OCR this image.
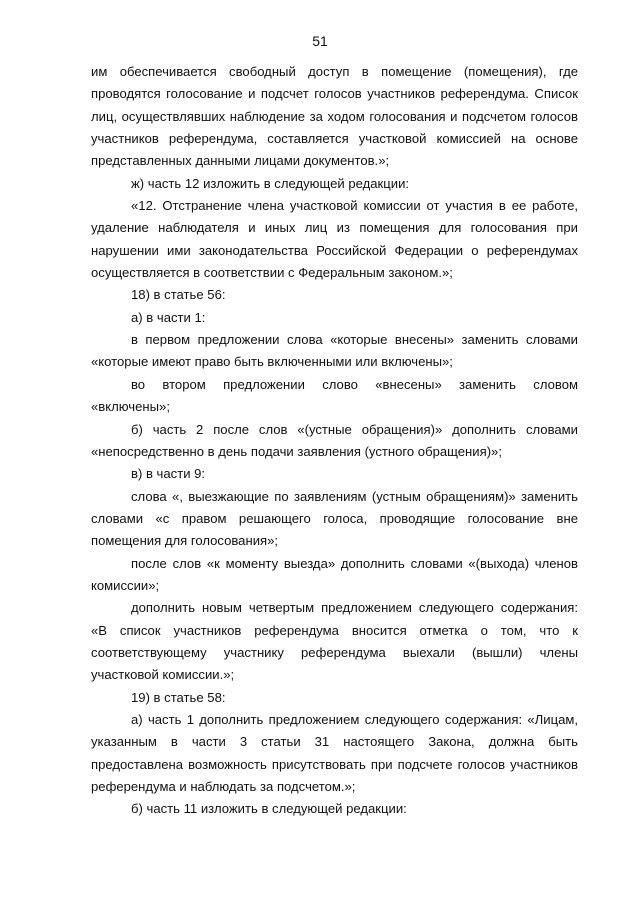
51

им обеспечивается свободный доступ в помещение (помещения), где проводятся голосование и подсчет голосов участников референдума. Список лиц, осуществлявших наблюдение за ходом голосования и подсчетом голосов участников референдума, составляется участковой комиссией на основе представленных данными лицами документов.»;

ж) часть 12 изложить в следующей редакции:

«12. Отстранение члена участковой комиссии от участия в ее работе, удаление наблюдателя и иных лиц из помещения для голосования при нарушении ими законодательства Российской Федерации о референдумах осуществляется в соответствии с Федеральным законом.»;

18) в статье 56:

а) в части 1:

в первом предложении слова «которые внесены» заменить словами «которые имеют право быть включенными или включены»;

во втором предложении слово «внесены» заменить словом «включены»;

б) часть 2 после слов «(устные обращения)» дополнить словами «непосредственно в день подачи заявления (устного обращения)»;

в) в части 9:

слова «, выезжающие по заявлениям (устным обращениям)» заменить словами «с правом решающего голоса, проводящие голосование вне помещения для голосования»;

после слов «к моменту выезда» дополнить словами «(выхода) членов комиссии»;

дополнить новым четвертым предложением следующего содержания: «В список участников референдума вносится отметка о том, что к соответствующему участнику референдума выехали (вышли) члены участковой комиссии.»;

19) в статье 58:

а) часть 1 дополнить предложением следующего содержания: «Лицам, указанным в части 3 статьи 31 настоящего Закона, должна быть предоставлена возможность присутствовать при подсчете голосов участников референдума и наблюдать за подсчетом.»;

б) часть 11 изложить в следующей редакции:
